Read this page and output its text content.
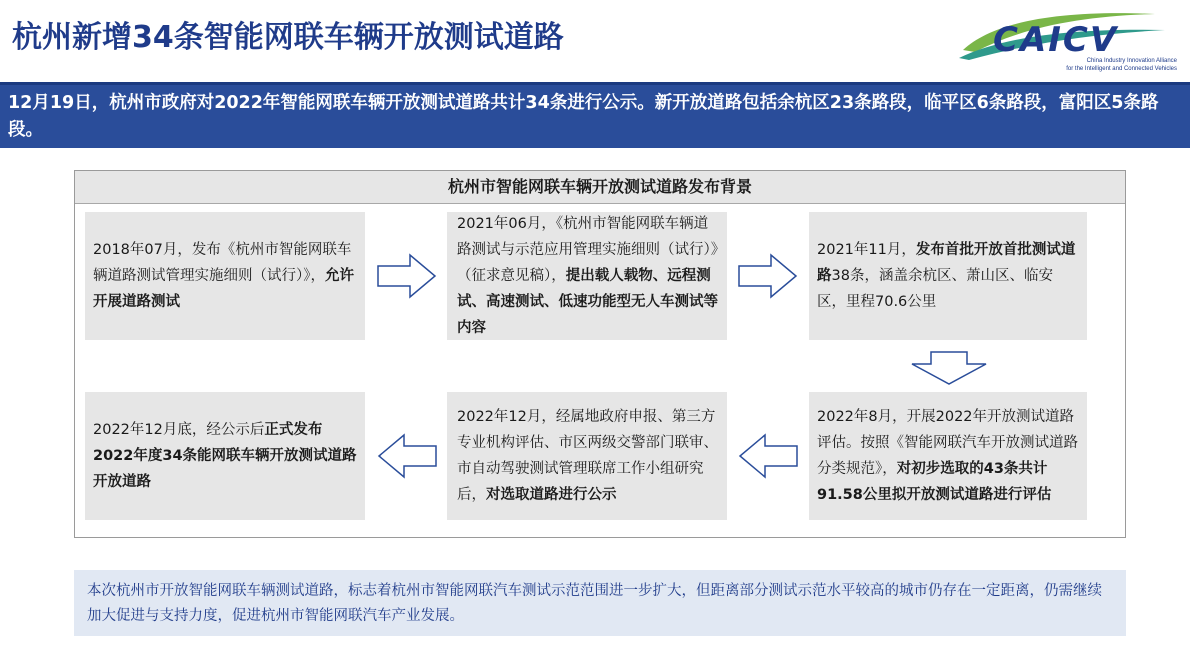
杭州新增34条智能网联车辆开放测试道路	CAICV
China Industry Innovation Alliance
for the Intelligent and Connected Vehicles
12月19日，杭州市政府对2022年智能网联车辆开放测试道路共计34条进行公示。新开放道路包括余杭区23条路段，临平区6条路段，富阳区5条路段。
杭州市智能网联车辆开放测试道路发布背景
2018年07月，发布《杭州市智能网联车辆道路测试管理实施细则（试行）》，允许开展道路测试
2021年06月，《杭州市智能网联车辆道路测试与示范应用管理实施细则（试行）》（征求意见稿），提出载人载物、远程测试、高速测试、低速功能型无人车测试等内容
2021年11月，发布首批开放首批测试道路38条，涵盖余杭区、萧山区、临安区，里程70.6公里
2022年8月，开展2022年开放测试道路评估。按照《智能网联汽车开放测试道路分类规范》，对初步选取的43条共计91.58公里拟开放测试道路进行评估
2022年12月，经属地政府申报、第三方专业机构评估、市区两级交警部门联审、市自动驾驶测试管理联席工作小组研究后，对选取道路进行公示
2022年12月底，经公示后正式发布2022年度34条能网联车辆开放测试道路开放道路
本次杭州市开放智能网联车辆测试道路，标志着杭州市智能网联汽车测试示范范围进一步扩大，但距离部分测试示范水平较高的城市仍存在一定距离，仍需继续加大促进与支持力度，促进杭州市智能网联汽车产业发展。
